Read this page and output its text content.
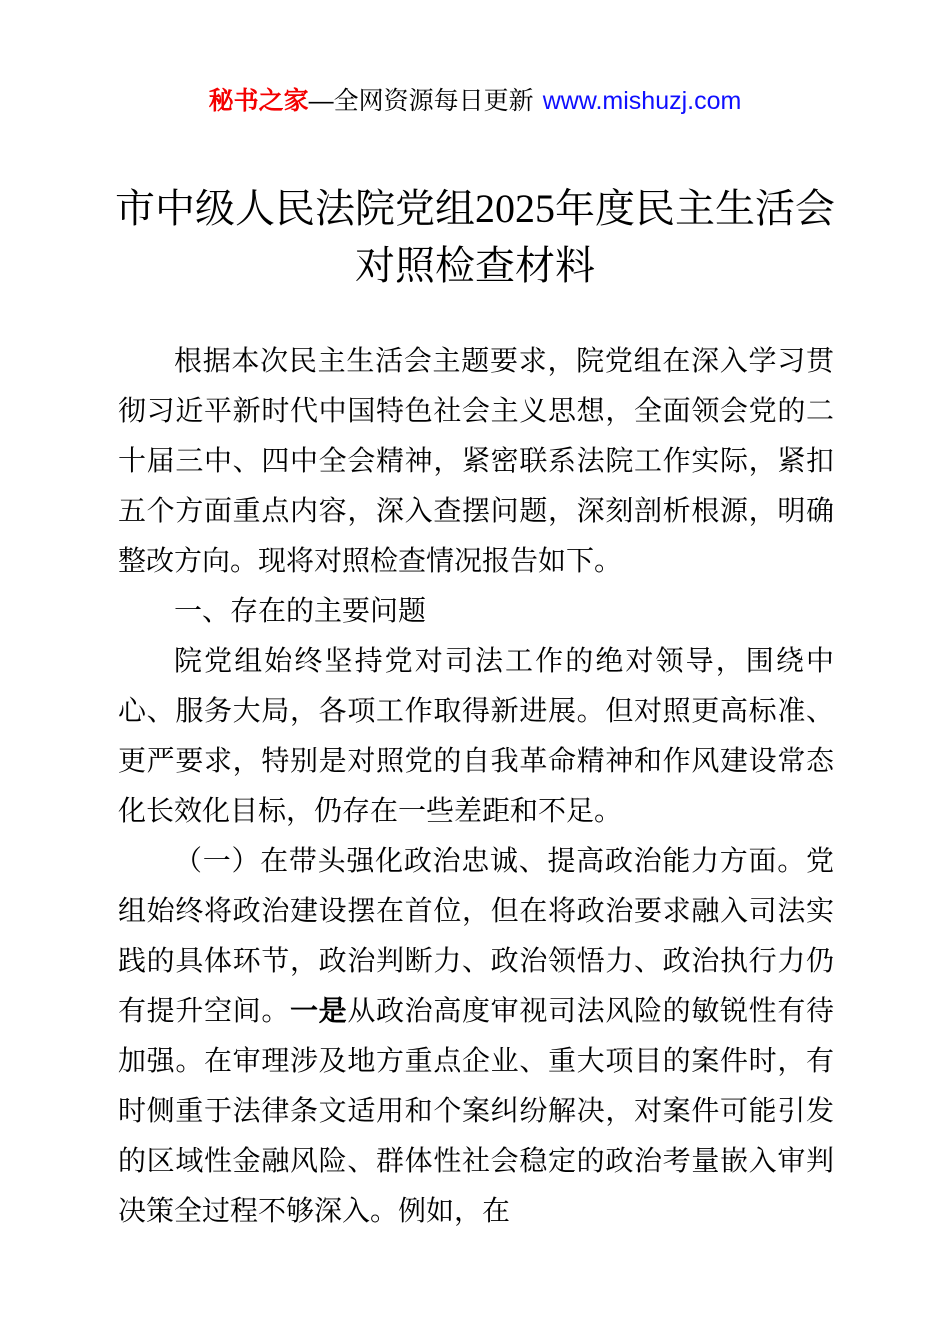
秘书之家—全网资源每日更新 www.mishuzj.com
市中级人民法院党组2025年度民主生活会对照检查材料

根据本次民主生活会主题要求，院党组在深入学习贯彻习近平新时代中国特色社会主义思想，全面领会党的二十届三中、四中全会精神，紧密联系法院工作实际，紧扣五个方面重点内容，深入查摆问题，深刻剖析根源，明确整改方向。现将对照检查情况报告如下。

一、存在的主要问题

院党组始终坚持党对司法工作的绝对领导，围绕中心、服务大局，各项工作取得新进展。但对照更高标准、更严要求，特别是对照党的自我革命精神和作风建设常态化长效化目标，仍存在一些差距和不足。

（一）在带头强化政治忠诚、提高政治能力方面。党组始终将政治建设摆在首位，但在将政治要求融入司法实践的具体环节，政治判断力、政治领悟力、政治执行力仍有提升空间。一是从政治高度审视司法风险的敏锐性有待加强。在审理涉及地方重点企业、重大项目的案件时，有时侧重于法律条文适用和个案纠纷解决，对案件可能引发的区域性金融风险、群体性社会稳定的政治考量嵌入审判决策全过程不够深入。例如，在
